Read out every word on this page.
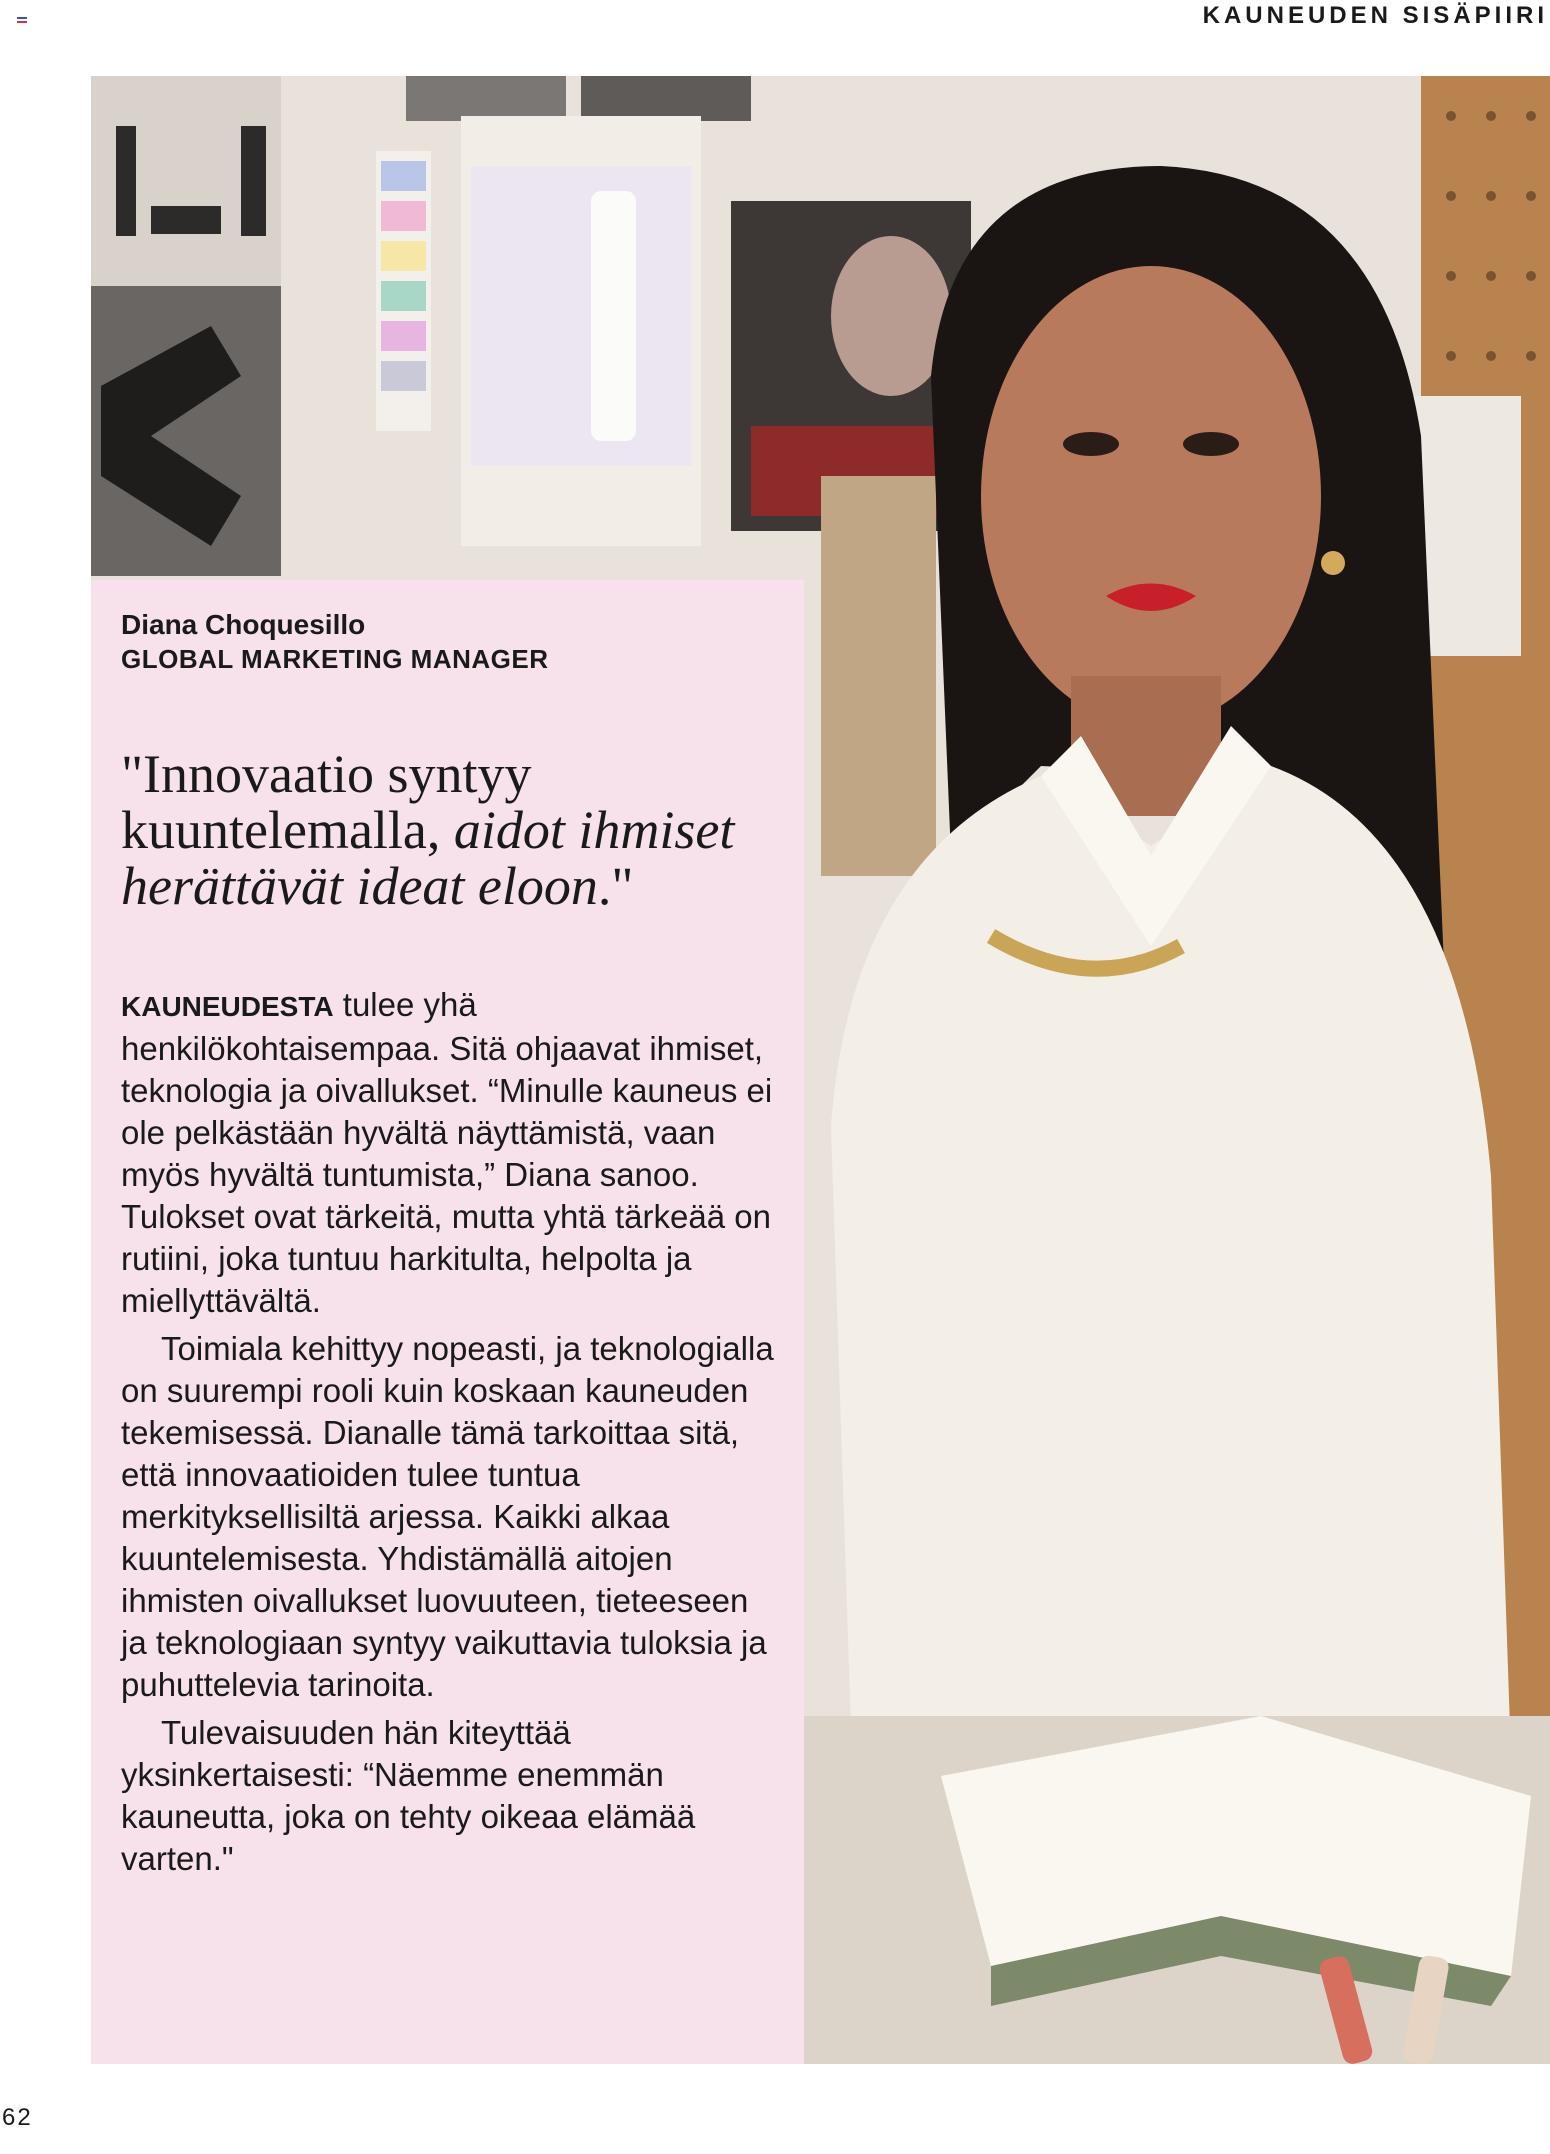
KAUNEUDEN SISÄPIIRI

Diana Choquesillo

GLOBAL MARKETING MANAGER

"Innovaatio syntyy kuuntelemalla, aidot ihmiset herättävät ideat eloon."

KAUNEUDESTA tulee yhä henkilökohtaisempaa. Sitä ohjaavat ihmiset, teknologia ja oivallukset. “Minulle kauneus ei ole pelkästään hyvältä näyttämistä, vaan myös hyvältä tuntumista,” Diana sanoo. Tulokset ovat tärkeitä, mutta yhtä tärkeää on rutiini, joka tuntuu harkitulta, helpolta ja miellyttävältä.

Toimiala kehittyy nopeasti, ja teknologialla on suurempi rooli kuin koskaan kauneuden tekemisessä. Dianalle tämä tarkoittaa sitä, että innovaatioiden tulee tuntua merkityksellisiltä arjessa. Kaikki alkaa kuuntelemisesta. Yhdistämällä aitojen ihmisten oivallukset luovuuteen, tieteeseen ja teknologiaan syntyy vaikuttavia tuloksia ja puhuttelevia tarinoita.

Tulevaisuuden hän kiteyttää yksinkertaisesti: “Näemme enemmän kauneutta, joka on tehty oikeaa elämää varten."

62
